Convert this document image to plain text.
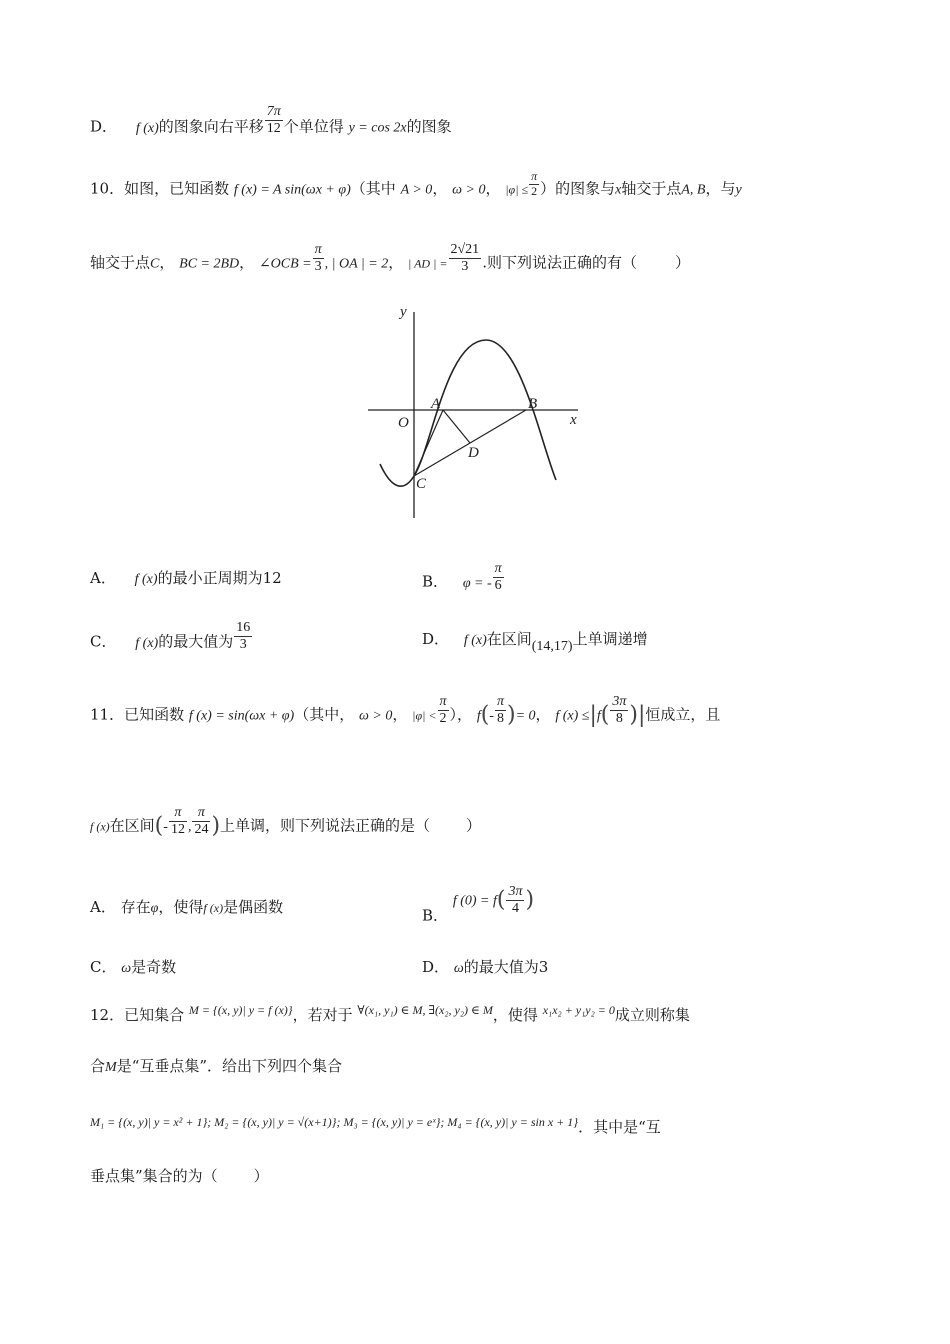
D． f (x)的图象向右平移 $\frac{7\pi}{12}$ 个单位得 y = cos 2x的图象
10．如图，已知函数 f (x) = A sin(ωx + φ)（其中 A > 0， ω > 0， $|\varphi| \le \frac{\pi}{2}$ ）的图象与x轴交于点A, B，与y
轴交于点C， BC = 2BD， ∠OCB = $\frac{\pi}{3}$ , | OA | = 2， | AD | = $\frac{2√21}{3}$ .则下列说法正确的有（	）
y
x
O
A	B
C
D
A． f (x)的最小正周期为12	B． φ = - $\frac{\pi}{6}$
C． f (x)的最大值为 $\frac{16}{3}$	D． f (x)在区间(14,17)上单调递增
11．已知函数 f (x) = sin(ωx + φ)（其中， ω > 0， $|\varphi| < \frac{\pi}{2}$ ）， $f(- \frac{\pi}{8}$ )= 0， f $(x) \le|f( \frac{3\pi}{8}$ )|恒成立，且
f (x)在区间(- $\frac{\pi}{12}$ , $\frac{\pi}{24}$ )上单调，则下列说法正确的是（ ）
A． 存在φ，使得f (x)是偶函数	B． f $(0) = f( \frac{3\pi}{4}$ )
C． ω是奇数	D． ω的最大值为3
12．已知集合 $^{M = \{(x, y)| y = f (x)\}}$，若对于 $^{\forall(x_1, y_1) \in M, \exists(x_2, y_2) \in M}$，使得 $^{x_1x_2 + y_1y_2 = 0}$成立则称集
合M是“互垂点集”．给出下列四个集合
$^{M_1 = \{(x, y)| y = x^2 + 1\}; M_2 = \{(x, y)| y = √(x+1)\}; M_3 = \{(x, y)| y = eˣ\}; M_4 = \{(x, y)| y = sin x + 1\}}$．其中是“互
垂点集”集合的为（ ）
